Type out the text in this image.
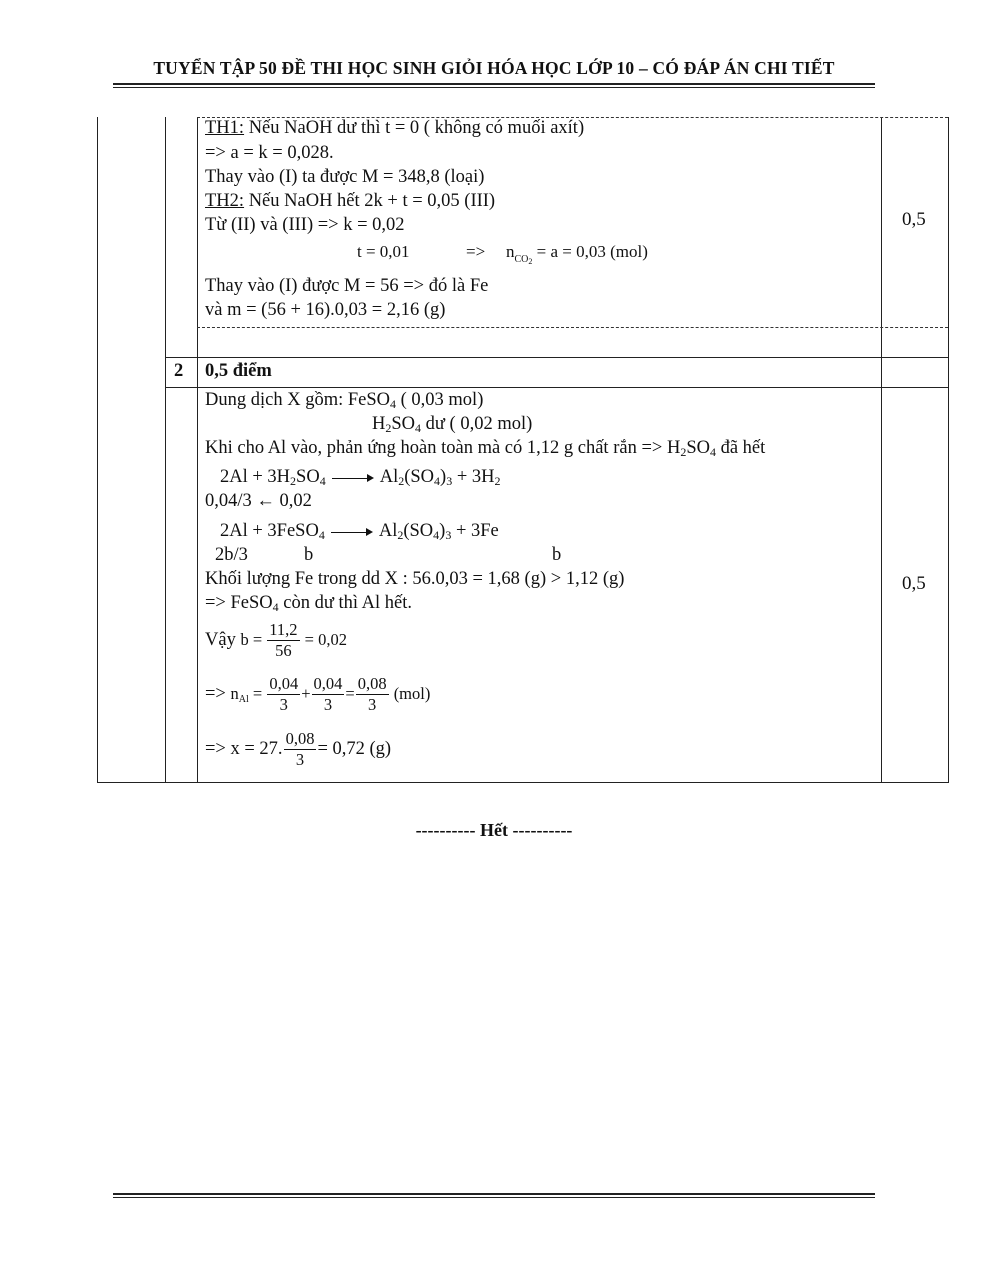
TUYỂN TẬP 50 ĐỀ THI HỌC SINH GIỎI HÓA HỌC LỚP 10 – CÓ ĐÁP ÁN CHI TIẾT
TH1: Nếu NaOH dư thì t = 0 ( không có muối axít)
=> a = k = 0,028.
Thay vào (I) ta được M = 348,8 (loại)
TH2: Nếu NaOH hết 2k + t = 0,05 (III)
Từ (II) và (III) => k = 0,02
t = 0,01	=> $n_{CO_2} = a = 0,03$ (mol)
Thay vào (I) được M = 56 => đó là Fe
và m = (56 + 16).0,03 = 2,16 (g)
0,5
2 0,5 điểm
Dung dịch X gồm: FeSO$_4$ ( 0,03 mol)
$H_2SO_4$ dư ( 0,02 mol)
Khi cho Al vào, phản ứng hoàn toàn mà có 1,12 g chất rắn => $H_2SO_4$ đã hết
$2Al + 3H_2SO_4$	$Al_2(SO_4)_3 + 3H_2$
0,04/3 ← 0,02
2Al + 3FeSO$_4$	$Al_2(SO_4)_3 + 3Fe$
2b/3	b	b
Khối lượng Fe trong dd X : 56.0,03 = 1,68 (g) > 1,12 (g)
=> FeSO$_4$ còn dư thì Al hết.
Vậy $b = \frac{11,2}{56} = 0,02$
=> $n_{Al} = \frac{0,04}{3} + \frac{0,04}{3} = \frac{0,08}{3} (mol)$
=> x = 27. $\frac{0,08}{3} = 0,72$ (g)
0,5
---------- Hết ----------
